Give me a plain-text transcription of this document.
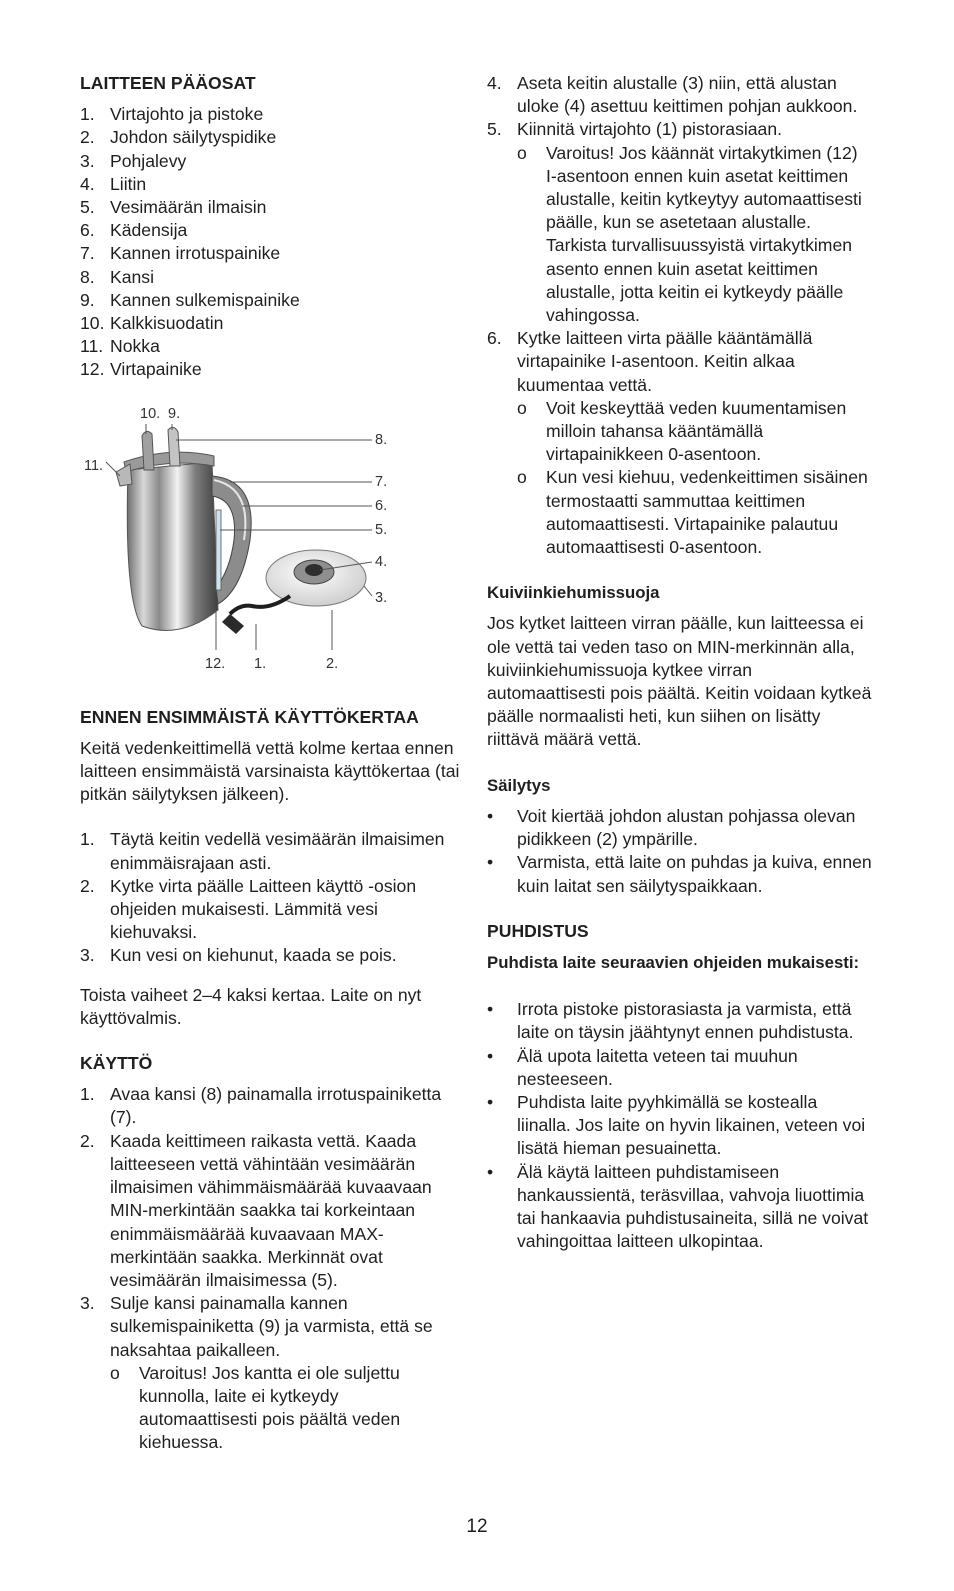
LAITTEEN PÄÄOSAT
1. Virtajohto ja pistoke
2. Johdon säilytyspidike
3. Pohjalevy
4. Liitin
5. Vesimäärän ilmaisin
6. Kädensija
7. Kannen irrotuspainike
8. Kansi
9. Kannen sulkemispainike
10. Kalkkisuodatin
11. Nokka
12. Virtapainike
10. 9.
8.
11.
7.
6.
5.
4.
3.
12. 1.	2.
ENNEN ENSIMMÄISTÄ KÄYTTÖKERTAA

Keitä vedenkeittimellä vettä kolme kertaa ennen laitteen ensimmäistä varsinaista käyttökertaa (tai pitkän säilytyksen jälkeen).

1. Täytä keitin vedellä vesimäärän ilmaisimen enimmäisrajaan asti.
2. Kytke virta päälle Laitteen käyttö -osion ohjeiden mukaisesti. Lämmitä vesi kiehuvaksi.
3. Kun vesi on kiehunut, kaada se pois.

Toista vaiheet 2–4 kaksi kertaa. Laite on nyt käyttövalmis.

KÄYTTÖ
1. Avaa kansi (8) painamalla irrotuspainiketta (7).
2. Kaada keittimeen raikasta vettä. Kaada laitteeseen vettä vähintään vesimäärän ilmaisimen vähimmäismäärää kuvaavaan MIN-merkintään saakka tai korkeintaan enimmäismäärää kuvaavaan MAX-merkintään saakka. Merkinnät ovat vesimäärän ilmaisimessa (5).
3. Sulje kansi painamalla kannen sulkemispainiketta (9) ja varmista, että se naksahtaa paikalleen.
o	Varoitus! Jos kantta ei ole suljettu kunnolla, laite ei kytkeydy automaattisesti pois päältä veden kiehuessa.
4. Aseta keitin alustalle (3) niin, että alustan uloke (4) asettuu keittimen pohjan aukkoon.
5. Kiinnitä virtajohto (1) pistorasiaan.
o	Varoitus! Jos käännät virtakytkimen (12) I-asentoon ennen kuin asetat keittimen alustalle, keitin kytkeytyy automaattisesti päälle, kun se asetetaan alustalle. Tarkista turvallisuussyistä virtakytkimen asento ennen kuin asetat keittimen alustalle, jotta keitin ei kytkeydy päälle vahingossa.
6. Kytke laitteen virta päälle kääntämällä virtapainike I-asentoon. Keitin alkaa kuumentaa vettä.
o	Voit keskeyttää veden kuumentamisen milloin tahansa kääntämällä virtapainikkeen 0-asentoon.
o	Kun vesi kiehuu, vedenkeittimen sisäinen termostaatti sammuttaa keittimen automaattisesti. Virtapainike palautuu automaattisesti 0-asentoon.
Kuiviinkiehumissuoja

Jos kytket laitteen virran päälle, kun laitteessa ei ole vettä tai veden taso on MIN-merkinnän alla, kuiviinkiehumissuoja kytkee virran automaattisesti pois päältä. Keitin voidaan kytkeä päälle normaalisti heti, kun siihen on lisätty riittävä määrä vettä.

Säilytys
•	Voit kiertää johdon alustan pohjassa olevan pidikkeen (2) ympärille.
•	Varmista, että laite on puhdas ja kuiva, ennen kuin laitat sen säilytyspaikkaan.
PUHDISTUS
Puhdista laite seuraavien ohjeiden mukaisesti:
•	Irrota pistoke pistorasiasta ja varmista, että laite on täysin jäähtynyt ennen puhdistusta.
•	Älä upota laitetta veteen tai muuhun nesteeseen.
•	Puhdista laite pyyhkimällä se kostealla liinalla. Jos laite on hyvin likainen, veteen voi lisätä hieman pesuainetta.
•	Älä käytä laitteen puhdistamiseen hankaussientä, teräsvillaa, vahvoja liuottimia tai hankaavia puhdistusaineita, sillä ne voivat vahingoittaa laitteen ulkopintaa.
12
